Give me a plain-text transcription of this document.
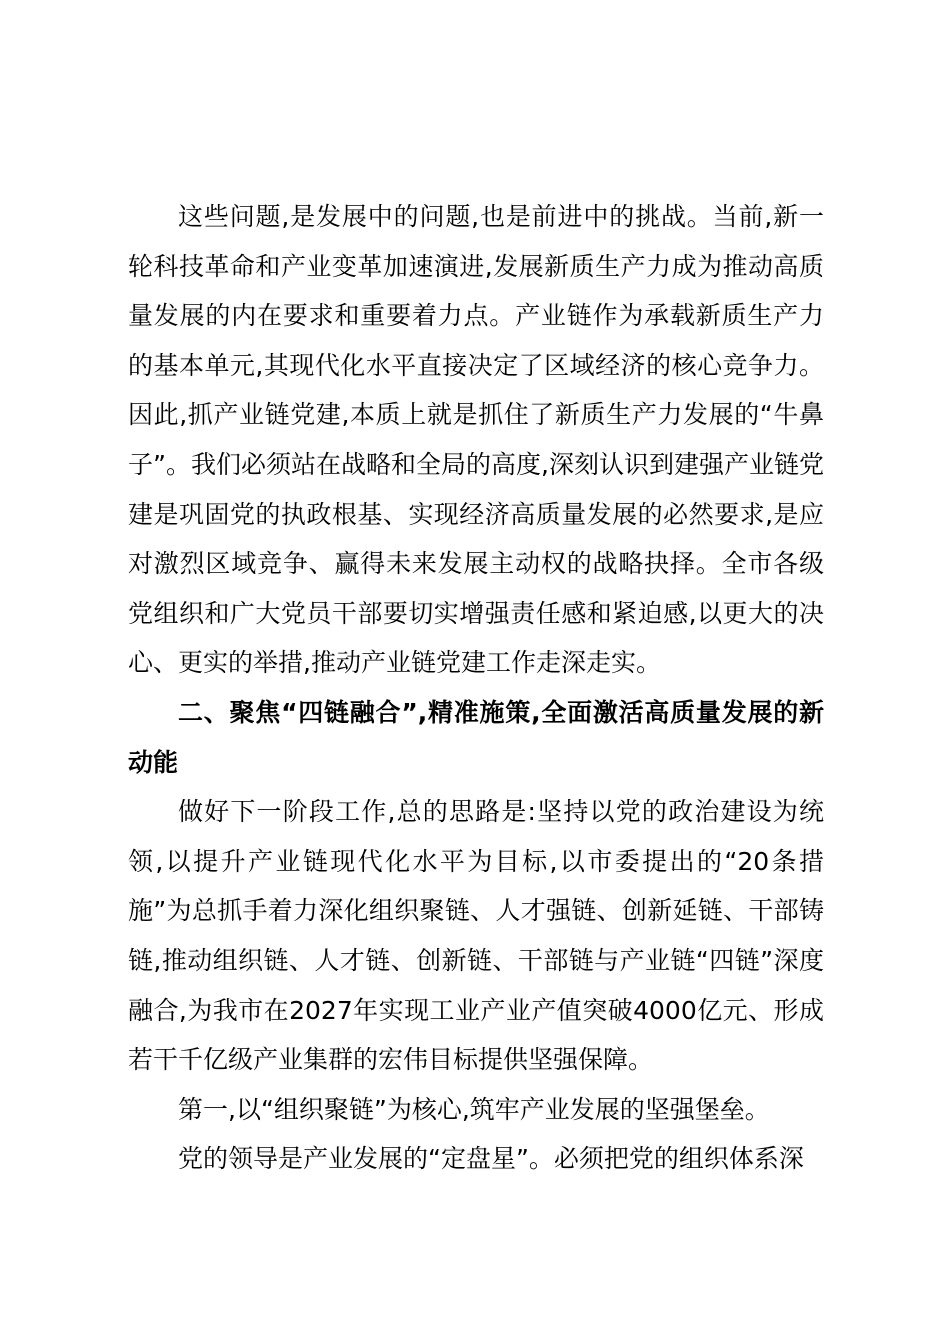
这些问题,是发展中的问题,也是前进中的挑战。当前,新一轮科技革命和产业变革加速演进,发展新质生产力成为推动高质量发展的内在要求和重要着力点。产业链作为承载新质生产力的基本单元,其现代化水平直接决定了区域经济的核心竞争力。因此,抓产业链党建,本质上就是抓住了新质生产力发展的“牛鼻子”。我们必须站在战略和全局的高度,深刻认识到建强产业链党建是巩固党的执政根基、实现经济高质量发展的必然要求,是应对激烈区域竞争、赢得未来发展主动权的战略抉择。全市各级党组织和广大党员干部要切实增强责任感和紧迫感,以更大的决心、更实的举措,推动产业链党建工作走深走实。

二、聚焦“四链融合”,精准施策,全面激活高质量发展的新动能

做好下一阶段工作,总的思路是:坚持以党的政治建设为统领,以提升产业链现代化水平为目标,以市委提出的“20条措施”为总抓手着力深化组织聚链、人才强链、创新延链、干部铸链,推动组织链、人才链、创新链、干部链与产业链“四链”深度融合,为我市在2027年实现工业产业产值突破4000亿元、形成若干千亿级产业集群的宏伟目标提供坚强保障。

第一,以“组织聚链”为核心,筑牢产业发展的坚强堡垒。

党的领导是产业发展的“定盘星”。必须把党的组织体系深
